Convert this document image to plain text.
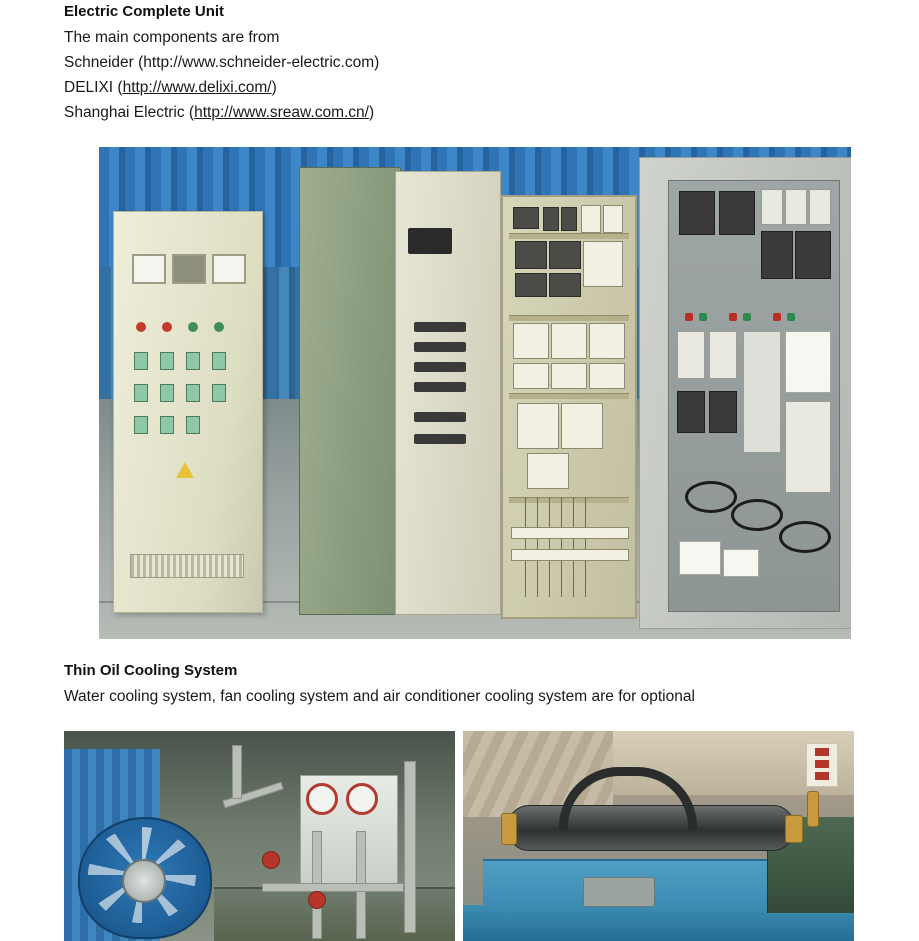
Electric Complete Unit
The main components are from
Schneider (http://www.schneider-electric.com)
DELIXI (http://www.delixi.com/)
Shanghai Electric (http://www.sreaw.com.cn/)
Thin Oil Cooling System
Water cooling system, fan cooling system and air conditioner cooling system are for optional
